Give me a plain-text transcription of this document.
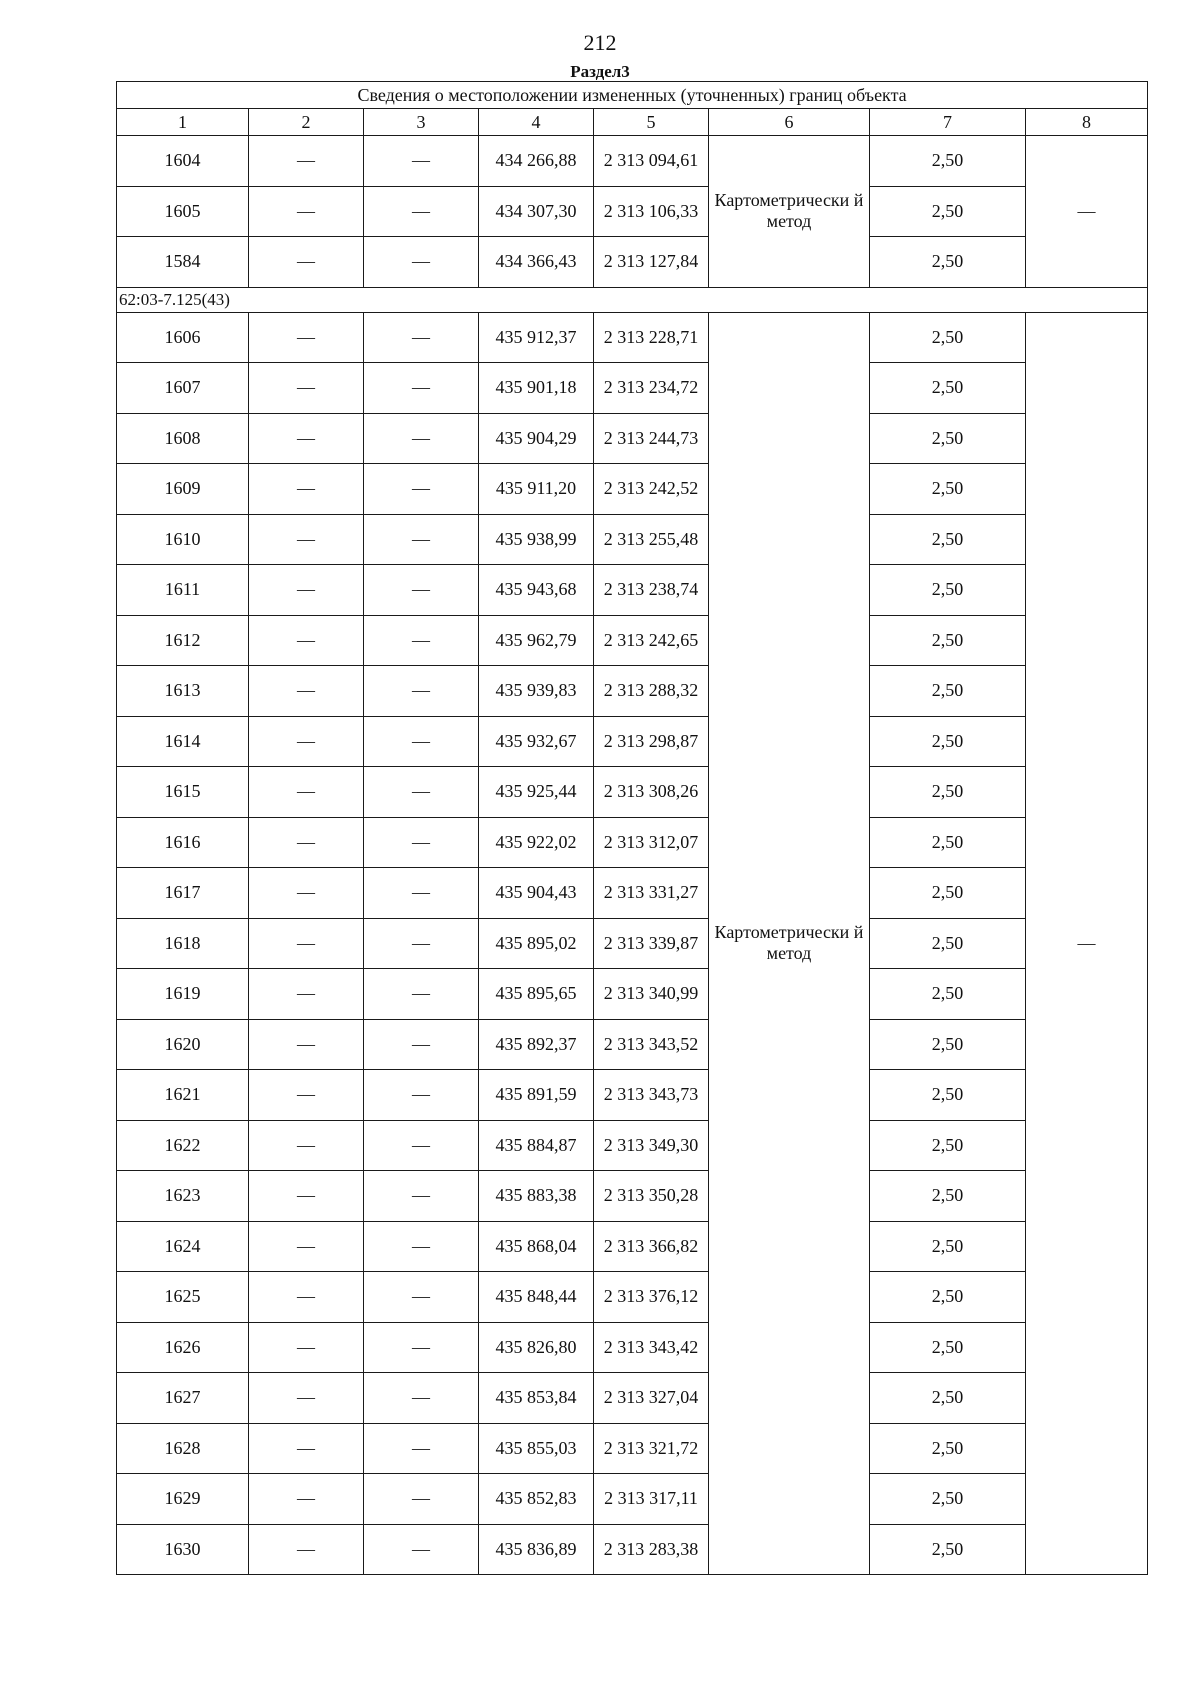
212
Раздел3
Сведения о местоположении измененных (уточненных) границ объекта							
1	2	3	4	5	6	7	8
1604	—	—	434 266,88	2 313 094,61	Картометрически й метод	2,50	—
1605	—	—	434 307,30	2 313 106,33		2,50	
1584	—	—	434 366,43	2 313 127,84		2,50	
62:03-7.125(43)							
1606	—	—	435 912,37	2 313 228,71	Картометрически й метод	2,50	—
1607	—	—	435 901,18	2 313 234,72		2,50	
1608	—	—	435 904,29	2 313 244,73		2,50	
1609	—	—	435 911,20	2 313 242,52		2,50	
1610	—	—	435 938,99	2 313 255,48		2,50	
1611	—	—	435 943,68	2 313 238,74		2,50	
1612	—	—	435 962,79	2 313 242,65		2,50	
1613	—	—	435 939,83	2 313 288,32		2,50	
1614	—	—	435 932,67	2 313 298,87		2,50	
1615	—	—	435 925,44	2 313 308,26		2,50	
1616	—	—	435 922,02	2 313 312,07		2,50	
1617	—	—	435 904,43	2 313 331,27		2,50	
1618	—	—	435 895,02	2 313 339,87		2,50	
1619	—	—	435 895,65	2 313 340,99		2,50	
1620	—	—	435 892,37	2 313 343,52		2,50	
1621	—	—	435 891,59	2 313 343,73		2,50	
1622	—	—	435 884,87	2 313 349,30		2,50	
1623	—	—	435 883,38	2 313 350,28		2,50	
1624	—	—	435 868,04	2 313 366,82		2,50	
1625	—	—	435 848,44	2 313 376,12		2,50	
1626	—	—	435 826,80	2 313 343,42		2,50	
1627	—	—	435 853,84	2 313 327,04		2,50	
1628	—	—	435 855,03	2 313 321,72		2,50	
1629	—	—	435 852,83	2 313 317,11		2,50	
1630	—	—	435 836,89	2 313 283,38		2,50	
